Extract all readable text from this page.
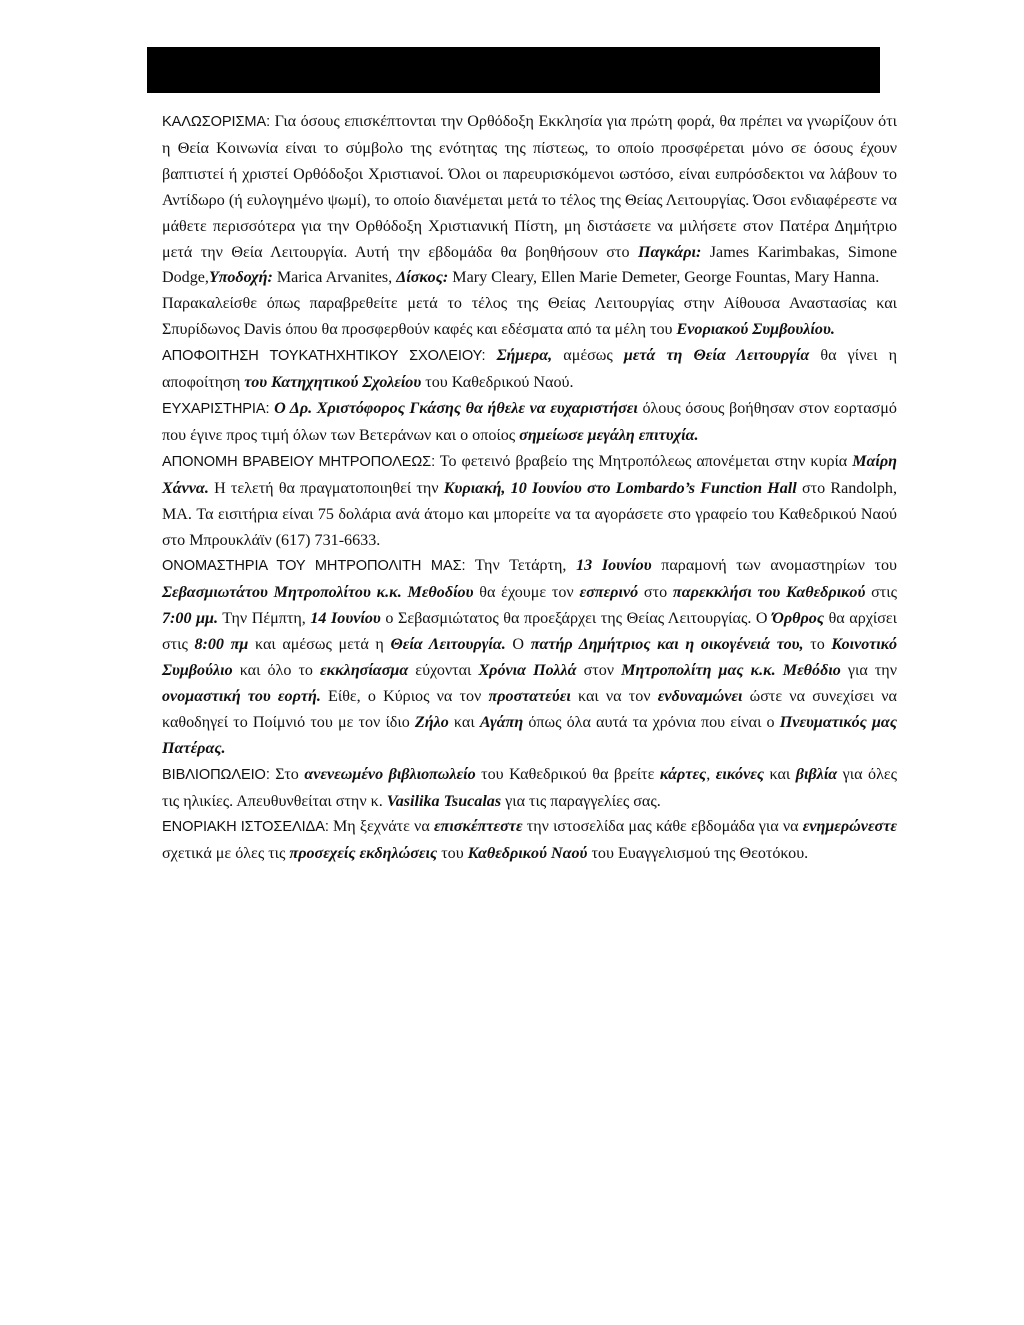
ΚΑΛΩΣΟΡΙΣΜΑ: Για όσους επισκέπτονται την Ορθόδοξη Εκκλησία για πρώτη φορά, θα πρέπει να γνωρίζουν ότι η Θεία Κοινωνία είναι το σύμβολο της ενότητας της πίστεως, το οποίο προσφέρεται μόνο σε όσους έχουν βαπτιστεί ή χριστεί Ορθόδοξοι Χριστιανοί. Όλοι οι παρευρισκόμενοι ωστόσο, είναι ευπρόσδεκτοι να λάβουν το Αντίδωρο (ή ευλογημένο ψωμί), το οποίο διανέμεται μετά το τέλος της Θείας Λειτουργίας. Όσοι ενδιαφέρεστε να μάθετε περισσότερα για την Ορθόδοξη Χριστιανική Πίστη, μη διστάσετε να μιλήσετε στον Πατέρα Δημήτριο μετά την Θεία Λειτουργία. Αυτή την εβδομάδα θα βοηθήσουν στο Παγκάρι: James Karimbakas, Simone Dodge,Υποδοχή: Marica Arvanites, Δίσκος: Mary Cleary, Ellen Marie Demeter, George Fountas, Mary Hanna.

Παρακαλείσθε όπως παραβρεθείτε μετά το τέλος της Θείας Λειτουργίας στην Αίθουσα Αναστασίας και Σπυρίδωνος Davis όπου θα προσφερθούν καφές και εδέσματα από τα μέλη του Ενοριακού Συμβουλίου.

ΑΠΟΦΟΙΤΗΣΗ ΤΟΥΚΑΤΗΧΗΤΙΚΟΥ ΣΧΟΛΕΙΟΥ: Σήμερα, αμέσως μετά τη Θεία Λειτουργία θα γίνει η αποφοίτηση του Κατηχητικού Σχολείου του Καθεδρικού Ναού.

ΕΥΧΑΡΙΣΤΗΡΙΑ: Ο Δρ. Χριστόφορος Γκάσης θα ήθελε να ευχαριστήσει όλους όσους βοήθησαν στον εορτασμό που έγινε προς τιμή όλων των Βετεράνων και ο οποίος σημείωσε μεγάλη επιτυχία.

ΑΠΟΝΟΜΗ ΒΡΑΒΕΙΟΥ ΜΗΤΡΟΠΟΛΕΩΣ: Το φετεινό βραβείο της Μητροπόλεως απονέμεται στην κυρία Μαίρη Χάννα. Η τελετή θα πραγματοποιηθεί την Κυριακή, 10 Ιουνίου στο Lombardo’s Function Hall στο Randolph, MA. Τα εισιτήρια είναι 75 δολάρια ανά άτομο και μπορείτε να τα αγοράσετε στο γραφείο του Καθεδρικού Ναού στο Μπρουκλάϊν (617) 731-6633.

ΟΝΟΜΑΣΤΗΡΙΑ ΤΟΥ ΜΗΤΡΟΠΟΛΙΤΗ ΜΑΣ: Την Τετάρτη, 13 Ιουνίου παραμονή των ανομαστηρίων του Σεβασμιωτάτου Μητροπολίτου κ.κ. Μεθοδίου θα έχουμε τον εσπερινό στο παρεκκλήσι του Καθεδρικού στις 7:00 μμ. Την Πέμπτη, 14 Ιουνίου ο Σεβασμιώτατος θα προεξάρχει της Θείας Λειτουργίας. Ο Όρθρος θα αρχίσει στις 8:00 πμ και αμέσως μετά η Θεία Λειτουργία. Ο πατήρ Δημήτριος και η οικογένειά του, το Κοινοτικό Συμβούλιο και όλο το εκκλησίασμα εύχονται Χρόνια Πολλά στον Μητροπολίτη μας κ.κ. Μεθόδιο για την ονομαστική του εορτή. Είθε, ο Κύριος να τον προστατεύει και να τον ενδυναμώνει ώστε να συνεχίσει να καθοδηγεί το Ποίμνιό του με τον ίδιο Ζήλο και Αγάπη όπως όλα αυτά τα χρόνια που είναι ο Πνευματικός μας Πατέρας.

ΒΙΒΛΙΟΠΩΛΕΙΟ: Στο ανενεωμένο βιβλιοπωλείο του Καθεδρικού θα βρείτε κάρτες, εικόνες και βιβλία για όλες τις ηλικίες. Απευθυνθείται στην κ. Vasilika Tsucalas για τις παραγγελίες σας.

ΕΝΟΡΙΑΚΗ ΙΣΤΟΣΕΛΙΔΑ: Μη ξεχνάτε να επισκέπτεστε την ιστοσελίδα μας κάθε εβδομάδα για να ενημερώνεστε σχετικά με όλες τις προσεχείς εκδηλώσεις του Καθεδρικού Ναού του Ευαγγελισμού της Θεοτόκου.
